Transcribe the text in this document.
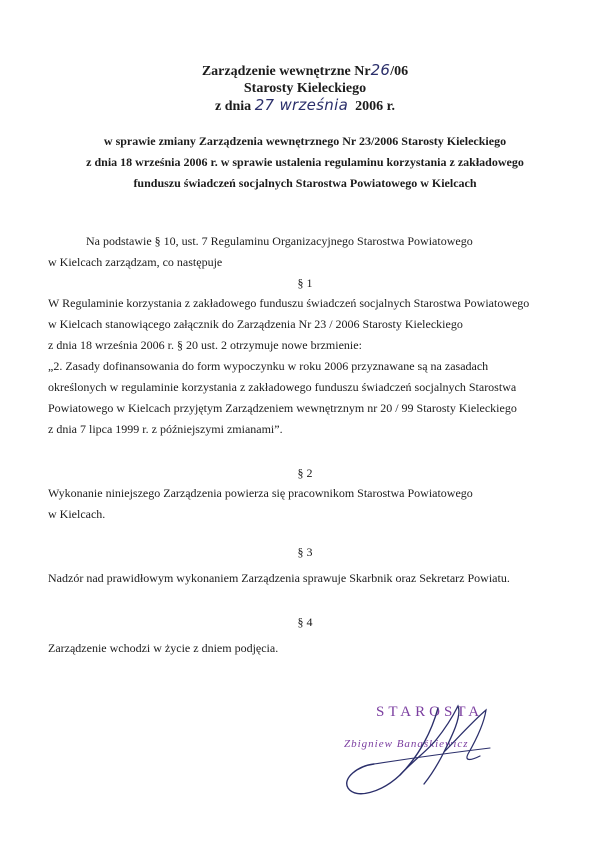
Zarządzenie wewnętrzne Nr26/06
Starosty Kieleckiego
z dnia 27 września 2006 r.
w sprawie zmiany Zarządzenia wewnętrznego Nr 23/2006 Starosty Kieleckiego
z dnia 18 września 2006 r. w sprawie ustalenia regulaminu korzystania z zakładowego
funduszu świadczeń socjalnych Starostwa Powiatowego w Kielcach

Na podstawie § 10, ust. 7 Regulaminu Organizacyjnego Starostwa Powiatowego

w Kielcach zarządzam, co następuje

§ 1

W Regulaminie korzystania z zakładowego funduszu świadczeń socjalnych Starostwa Powiatowego

w Kielcach stanowiącego załącznik do Zarządzenia Nr 23 / 2006 Starosty Kieleckiego

z dnia 18 września 2006 r. § 20 ust. 2 otrzymuje nowe brzmienie:

„2. Zasady dofinansowania do form wypoczynku w roku 2006 przyznawane są na zasadach

określonych w regulaminie korzystania z zakładowego funduszu świadczeń socjalnych Starostwa

Powiatowego w Kielcach przyjętym Zarządzeniem wewnętrznym nr 20 / 99 Starosty Kieleckiego

z dnia 7 lipca 1999 r. z późniejszymi zmianami”.

§ 2

Wykonanie niniejszego Zarządzenia powierza się pracownikom Starostwa Powiatowego

w Kielcach.

§ 3

Nadzór nad prawidłowym wykonaniem Zarządzenia sprawuje Skarbnik oraz Sekretarz Powiatu.

§ 4

Zarządzenie wchodzi w życie z dniem podjęcia.

STAROSTA
Zbigniew Banaśkiewicz
